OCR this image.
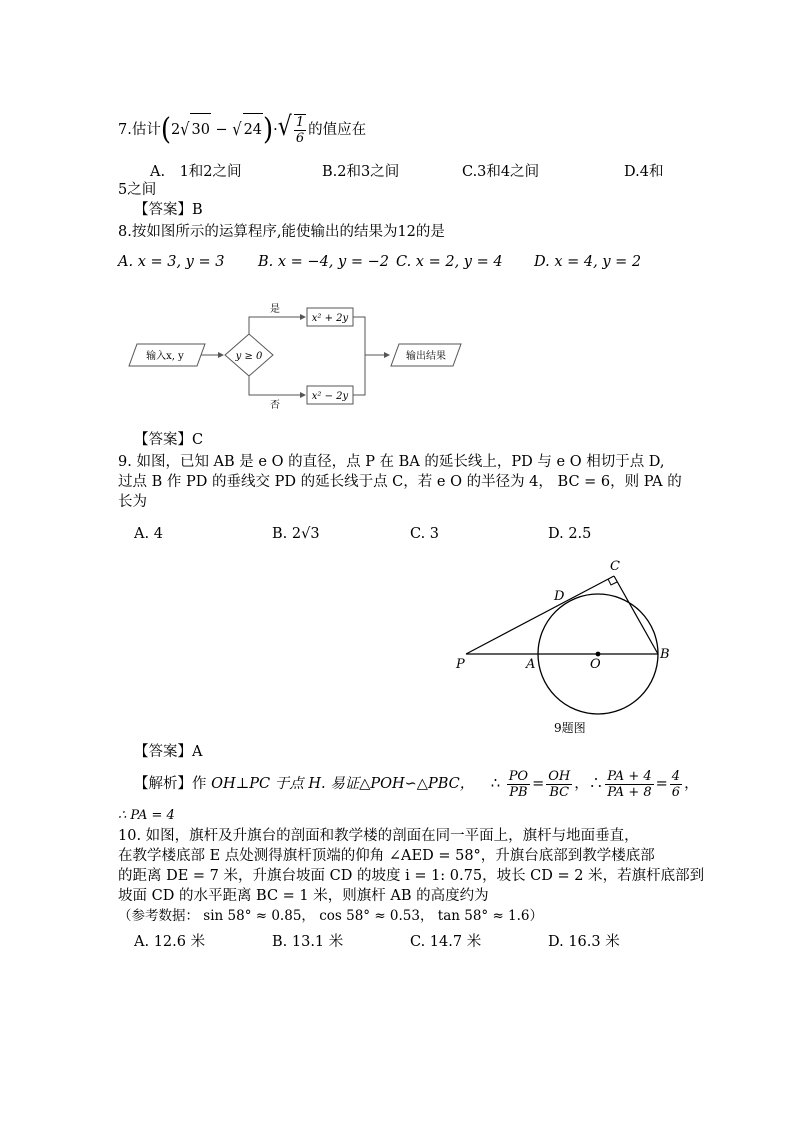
7.估计(2√ 30 − √ $24)\cdot√ \frac{1}{6}$ 的值应在
A.　1和2之间	B.2和3之间	C.3和4之间	D.4和
5之间
【答案】B
8.按如图所示的运算程序,能使输出的结果为12的是
A. x = 3, y = 3 B. x = −4, y = −2 C. x = 2, y = 4 D. x = 4, y = 2
输入x, y	y ≥ 0
是
x² + 2y
否
x² − 2y
输出结果
【答案】C
9. 如图，已知 AB 是 e O 的直径，点 P 在 BA 的延长线上，PD 与 e O 相切于点 D,
过点 B 作 PD 的垂线交 PD 的延长线于点 C，若 e O 的半径为 4， BC = 6，则 PA 的
长为
A. 4	B. 2√3	C. 3	D. 2.5
C
D
P	A	O
B
9题图
【答案】A
【解析】作 OH⊥PC 于点 H. 易证△POH∽△PBC， ∴ $\frac{PO}{PB} = \frac{OH}{BC}$ ，∴ $\frac{PA + 4}{PA + 8} = \frac{4}{6}$ ，
∴ PA = 4
10. 如图，旗杆及升旗台的剖面和教学楼的剖面在同一平面上，旗杆与地面垂直，
在教学楼底部 E 点处测得旗杆顶端的仰角 ∠AED = 58°，升旗台底部到教学楼底部
的距离 DE = 7 米，升旗台坡面 CD 的坡度 i = 1: 0.75，坡长 CD = 2 米，若旗杆底部到
坡面 CD 的水平距离 BC = 1 米，则旗杆 AB 的高度约为
（参考数据： sin 58° ≈ 0.85， cos 58° ≈ 0.53， tan 58° ≈ 1.6）
A. 12.6 米	B. 13.1 米	C. 14.7 米	D. 16.3 米
